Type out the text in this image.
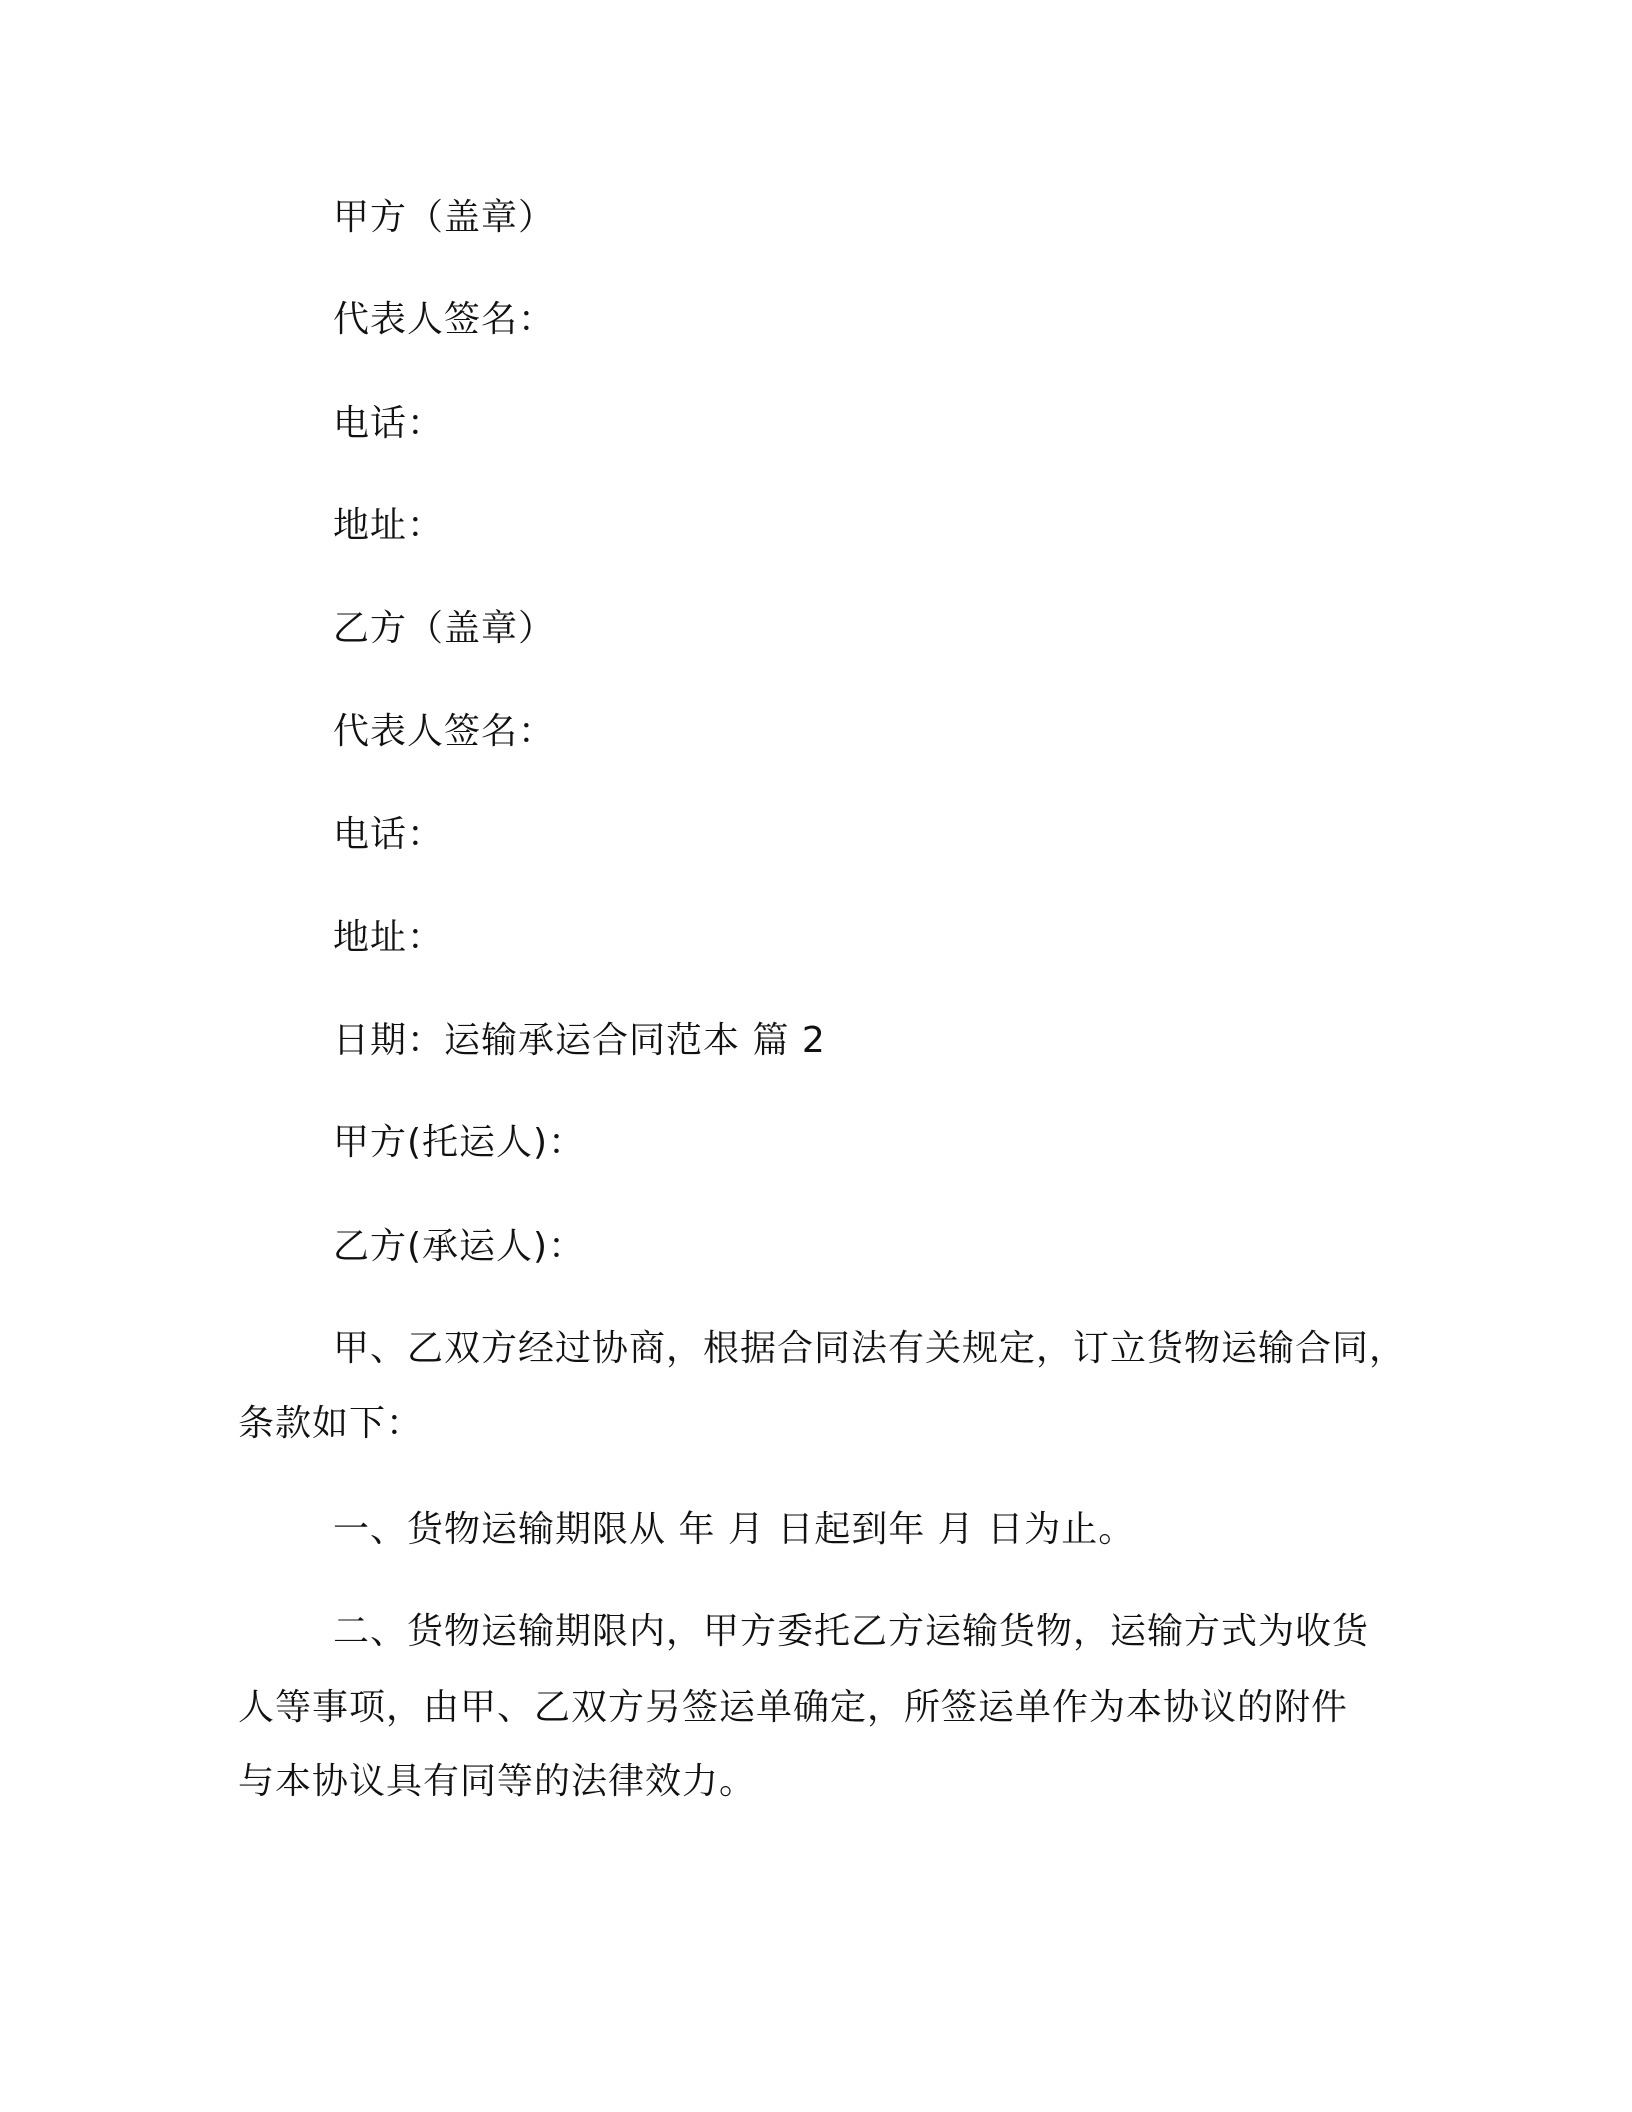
甲方（盖章）
代表人签名：
电话：
地址：
乙方（盖章）
代表人签名：
电话：
地址：
日期：运输承运合同范本 篇 2
甲方(托运人)：
乙方(承运人)：
甲、乙双方经过协商，根据合同法有关规定，订立货物运输合同，
条款如下：
一、货物运输期限从 年 月 日起到年 月 日为止。
二、货物运输期限内，甲方委托乙方运输货物，运输方式为收货
人等事项，由甲、乙双方另签运单确定，所签运单作为本协议的附件
与本协议具有同等的法律效力。
